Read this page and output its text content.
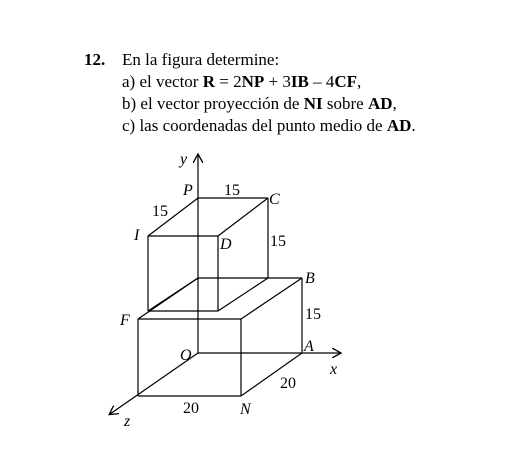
12. En la figura determine:
a) el vector R = 2NP + 3IB – 4CF,
b) el vector proyección de NI sobre AD,
c) las coordenadas del punto medio de AD.
y
x
z
P
C
I
D
B
F
O
A
N
15
15
15
15
20
20
